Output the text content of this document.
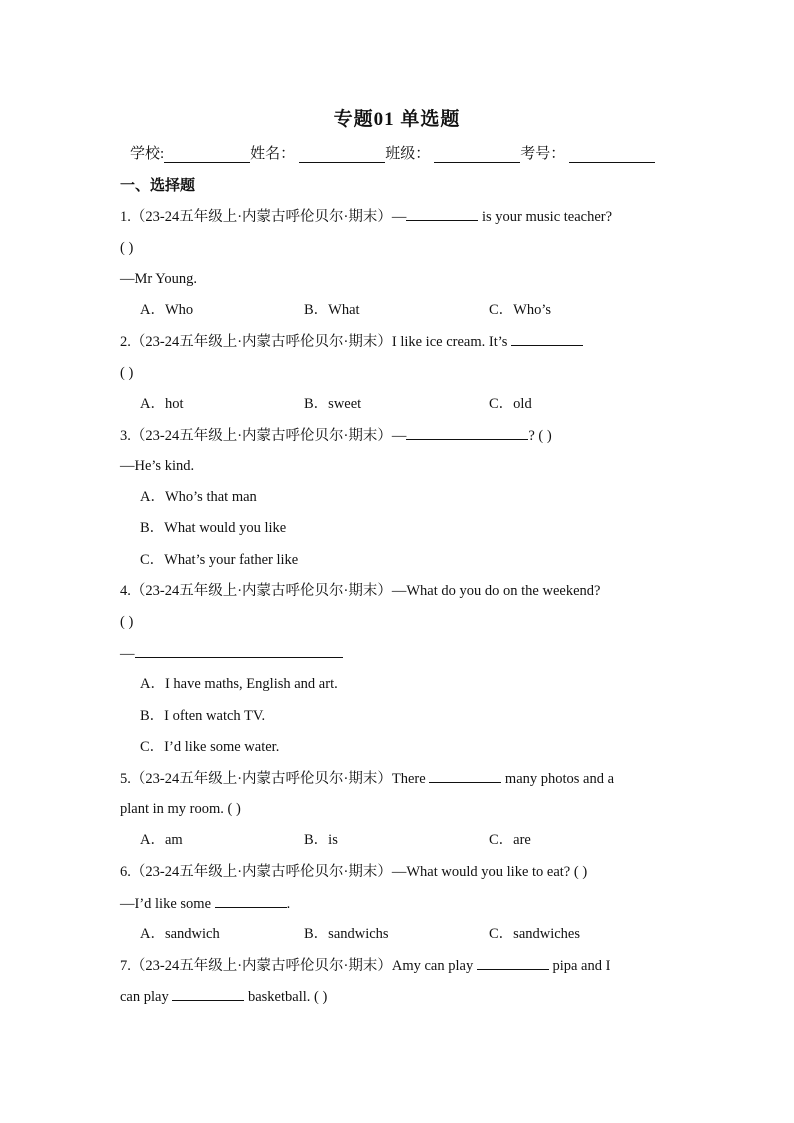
专题01 单选题
学校:	姓名：	班级：	考号：
一、选择题
1.（23-24五年级上·内蒙古呼伦贝尔·期末）—	is your music teacher?
( )
—Mr Young.
A．Who	B．What	C．Who’s
2.（23-24五年级上·内蒙古呼伦贝尔·期末）I like ice cream. It’s
( )
A．hot	B．sweet	C．old
3.（23-24五年级上·内蒙古呼伦贝尔·期末）—	? ( )
—He’s kind.
A．Who’s that man
B．What would you like
C．What’s your father like
4.（23-24五年级上·内蒙古呼伦贝尔·期末）—What do you do on the weekend?
( )
—
A．I have maths, English and art.
B．I often watch TV.
C．I’d like some water.
5.（23-24五年级上·内蒙古呼伦贝尔·期末）There	many photos and a
plant in my room. ( )
A．am	B．is	C．are
6.（23-24五年级上·内蒙古呼伦贝尔·期末）—What would you like to eat? ( )
—I’d like some	.
A．sandwich	B．sandwichs	C．sandwiches
7.（23-24五年级上·内蒙古呼伦贝尔·期末）Amy can play	pipa and I
can play	basketball. ( )
